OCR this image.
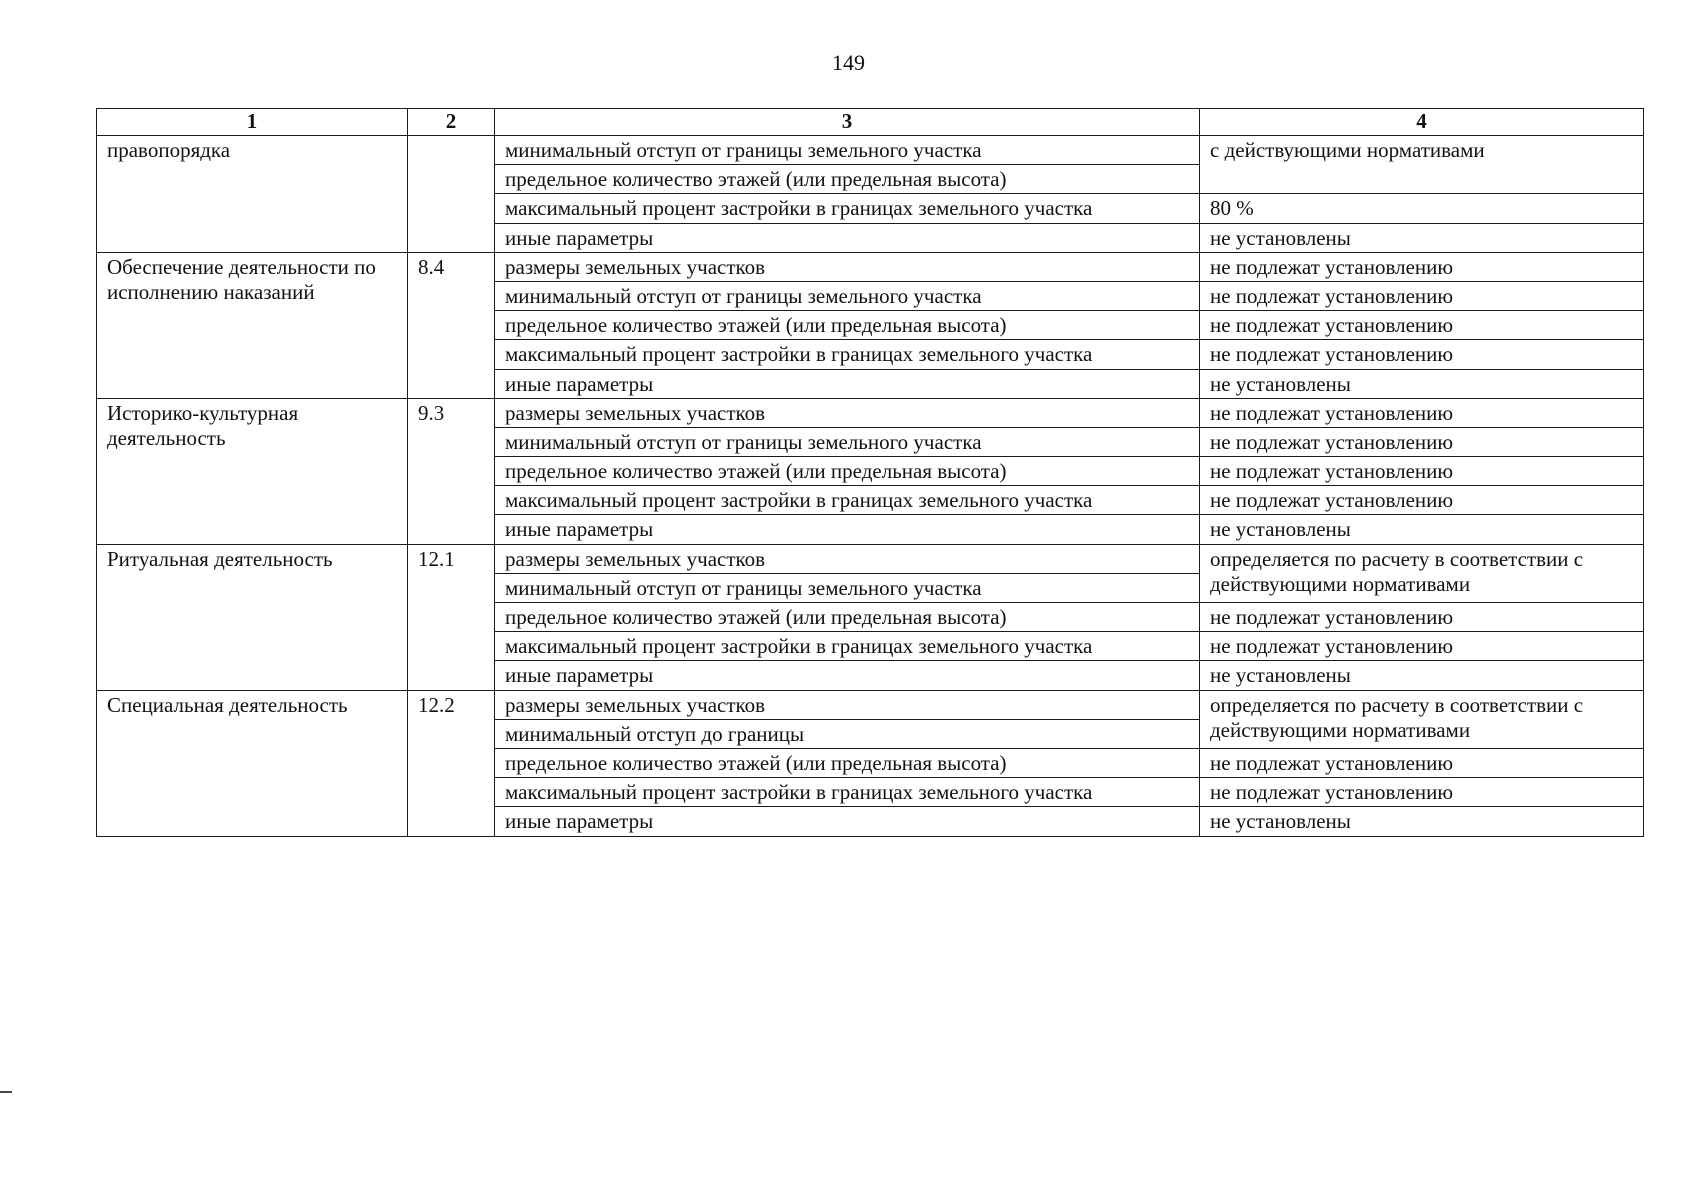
149
1	2	3	4
правопорядка		минимальный отступ от границы земельного участка	с действующими нормативами
		предельное количество этажей (или предельная высота)	
		максимальный процент застройки в границах земельного участка	80 %
		иные параметры	не установлены
Обеспечение деятельности по исполнению наказаний	8.4	размеры земельных участков	не подлежат установлению
		минимальный отступ от границы земельного участка	не подлежат установлению
		предельное количество этажей (или предельная высота)	не подлежат установлению
		максимальный процент застройки в границах земельного участка	не подлежат установлению
		иные параметры	не установлены
Историко-культурная деятельность	9.3	размеры земельных участков	не подлежат установлению
		минимальный отступ от границы земельного участка	не подлежат установлению
		предельное количество этажей (или предельная высота)	не подлежат установлению
		максимальный процент застройки в границах земельного участка	не подлежат установлению
		иные параметры	не установлены
Ритуальная деятельность	12.1	размеры земельных участков	определяется по расчету в соответствии с действующими нормативами
		минимальный отступ от границы земельного участка	
		предельное количество этажей (или предельная высота)	не подлежат установлению
		максимальный процент застройки в границах земельного участка	не подлежат установлению
		иные параметры	не установлены
Специальная деятельность	12.2	размеры земельных участков	определяется по расчету в соответствии с действующими нормативами
		минимальный отступ до границы	
		предельное количество этажей (или предельная высота)	не подлежат установлению
		максимальный процент застройки в границах земельного участка	не подлежат установлению
		иные параметры	не установлены
